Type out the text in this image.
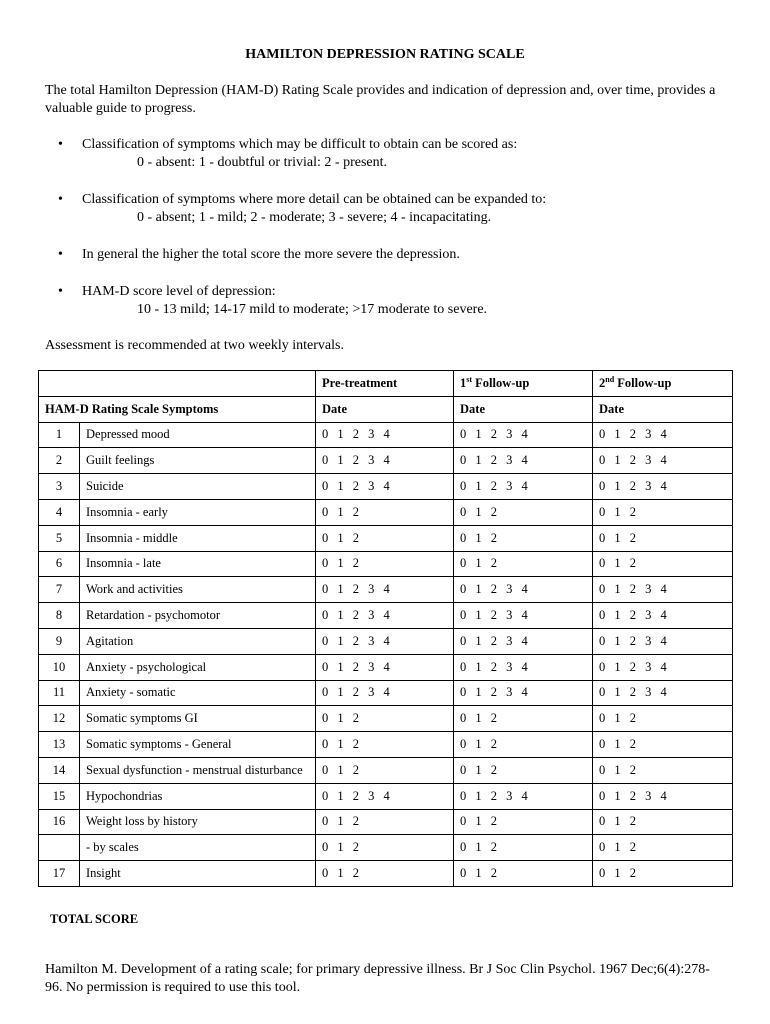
HAMILTON DEPRESSION RATING SCALE
The total Hamilton Depression (HAM-D) Rating Scale provides and indication of depression and, over time, provides a valuable guide to progress.
• Classification of symptoms which may be difficult to obtain can be scored as:
0 - absent: 1 - doubtful or trivial: 2 - present.
• Classification of symptoms where more detail can be obtained can be expanded to:
0 - absent; 1 - mild; 2 - moderate; 3 - severe; 4 - incapacitating.
• In general the higher the total score the more severe the depression.
• HAM-D score level of depression:
10 - 13 mild; 14-17 mild to moderate; >17 moderate to severe.
Assessment is recommended at two weekly intervals.
		Pre-treatment	1st Follow-up	2nd Follow-up
HAM-D Rating Scale Symptoms		Date	Date	Date
1	Depressed mood	0 1 2 3 4	0 1 2 3 4	0 1 2 3 4
2	Guilt feelings	0 1 2 3 4	0 1 2 3 4	0 1 2 3 4
3	Suicide	0 1 2 3 4	0 1 2 3 4	0 1 2 3 4
4	Insomnia - early	0 1 2	0 1 2	0 1 2
5	Insomnia - middle	0 1 2	0 1 2	0 1 2
6	Insomnia - late	0 1 2	0 1 2	0 1 2
7	Work and activities	0 1 2 3 4	0 1 2 3 4	0 1 2 3 4
8	Retardation - psychomotor	0 1 2 3 4	0 1 2 3 4	0 1 2 3 4
9	Agitation	0 1 2 3 4	0 1 2 3 4	0 1 2 3 4
10	Anxiety - psychological	0 1 2 3 4	0 1 2 3 4	0 1 2 3 4
11	Anxiety - somatic	0 1 2 3 4	0 1 2 3 4	0 1 2 3 4
12	Somatic symptoms GI	0 1 2	0 1 2	0 1 2
13	Somatic symptoms - General	0 1 2	0 1 2	0 1 2
14	Sexual dysfunction - menstrual disturbance	0 1 2	0 1 2	0 1 2
15	Hypochondrias	0 1 2 3 4	0 1 2 3 4	0 1 2 3 4
16	Weight loss by history	0 1 2	0 1 2	0 1 2
	- by scales	0 1 2	0 1 2	0 1 2
17	Insight	0 1 2	0 1 2	0 1 2
TOTAL SCORE
Hamilton M. Development of a rating scale; for primary depressive illness. Br J Soc Clin Psychol. 1967 Dec;6(4):278-96. No permission is required to use this tool.
